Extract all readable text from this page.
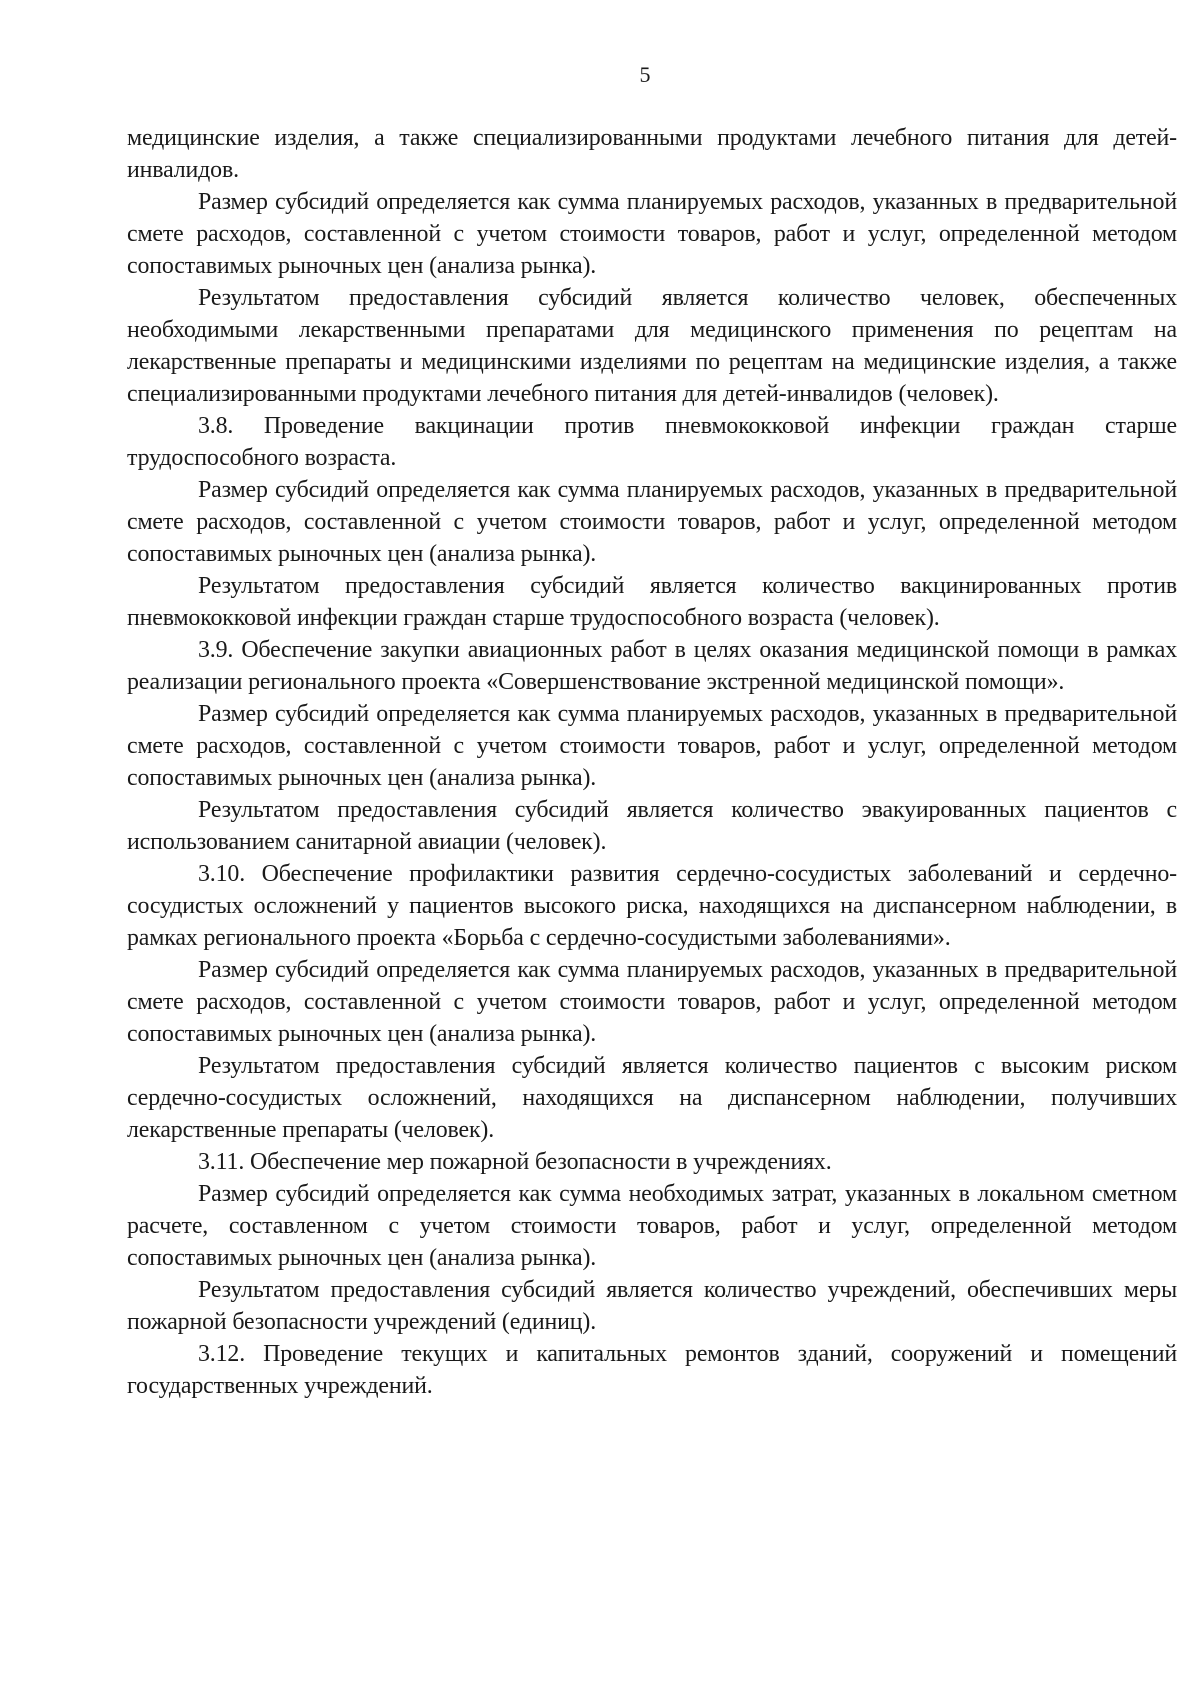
5

медицинские изделия, а также специализированными продуктами лечебного питания для детей-инвалидов.

Размер субсидий определяется как сумма планируемых расходов, указанных в предварительной смете расходов, составленной с учетом стоимости товаров, работ и услуг, определенной методом сопоставимых рыночных цен (анализа рынка).

Результатом предоставления субсидий является количество человек, обеспеченных необходимыми лекарственными препаратами для медицинского применения по рецептам на лекарственные препараты и медицинскими изделиями по рецептам на медицинские изделия, а также специализированными продуктами лечебного питания для детей-инвалидов (человек).

3.8. Проведение вакцинации против пневмококковой инфекции граждан старше трудоспособного возраста.

Размер субсидий определяется как сумма планируемых расходов, указанных в предварительной смете расходов, составленной с учетом стоимости товаров, работ и услуг, определенной методом сопоставимых рыночных цен (анализа рынка).

Результатом предоставления субсидий является количество вакцинированных против пневмококковой инфекции граждан старше трудоспособного возраста (человек).

3.9. Обеспечение закупки авиационных работ в целях оказания медицинской помощи в рамках реализации регионального проекта «Совершенствование экстренной медицинской помощи».

Размер субсидий определяется как сумма планируемых расходов, указанных в предварительной смете расходов, составленной с учетом стоимости товаров, работ и услуг, определенной методом сопоставимых рыночных цен (анализа рынка).

Результатом предоставления субсидий является количество эвакуированных пациентов с использованием санитарной авиации (человек).

3.10. Обеспечение профилактики развития сердечно-сосудистых заболеваний и сердечно-сосудистых осложнений у пациентов высокого риска, находящихся на диспансерном наблюдении, в рамках регионального проекта «Борьба с сердечно-сосудистыми заболеваниями».

Размер субсидий определяется как сумма планируемых расходов, указанных в предварительной смете расходов, составленной с учетом стоимости товаров, работ и услуг, определенной методом сопоставимых рыночных цен (анализа рынка).

Результатом предоставления субсидий является количество пациентов с высоким риском сердечно-сосудистых осложнений, находящихся на диспансерном наблюдении, получивших лекарственные препараты (человек).

3.11. Обеспечение мер пожарной безопасности в учреждениях.

Размер субсидий определяется как сумма необходимых затрат, указанных в локальном сметном расчете, составленном с учетом стоимости товаров, работ и услуг, определенной методом сопоставимых рыночных цен (анализа рынка).

Результатом предоставления субсидий является количество учреждений, обеспечивших меры пожарной безопасности учреждений (единиц).

3.12. Проведение текущих и капитальных ремонтов зданий, сооружений и помещений государственных учреждений.
